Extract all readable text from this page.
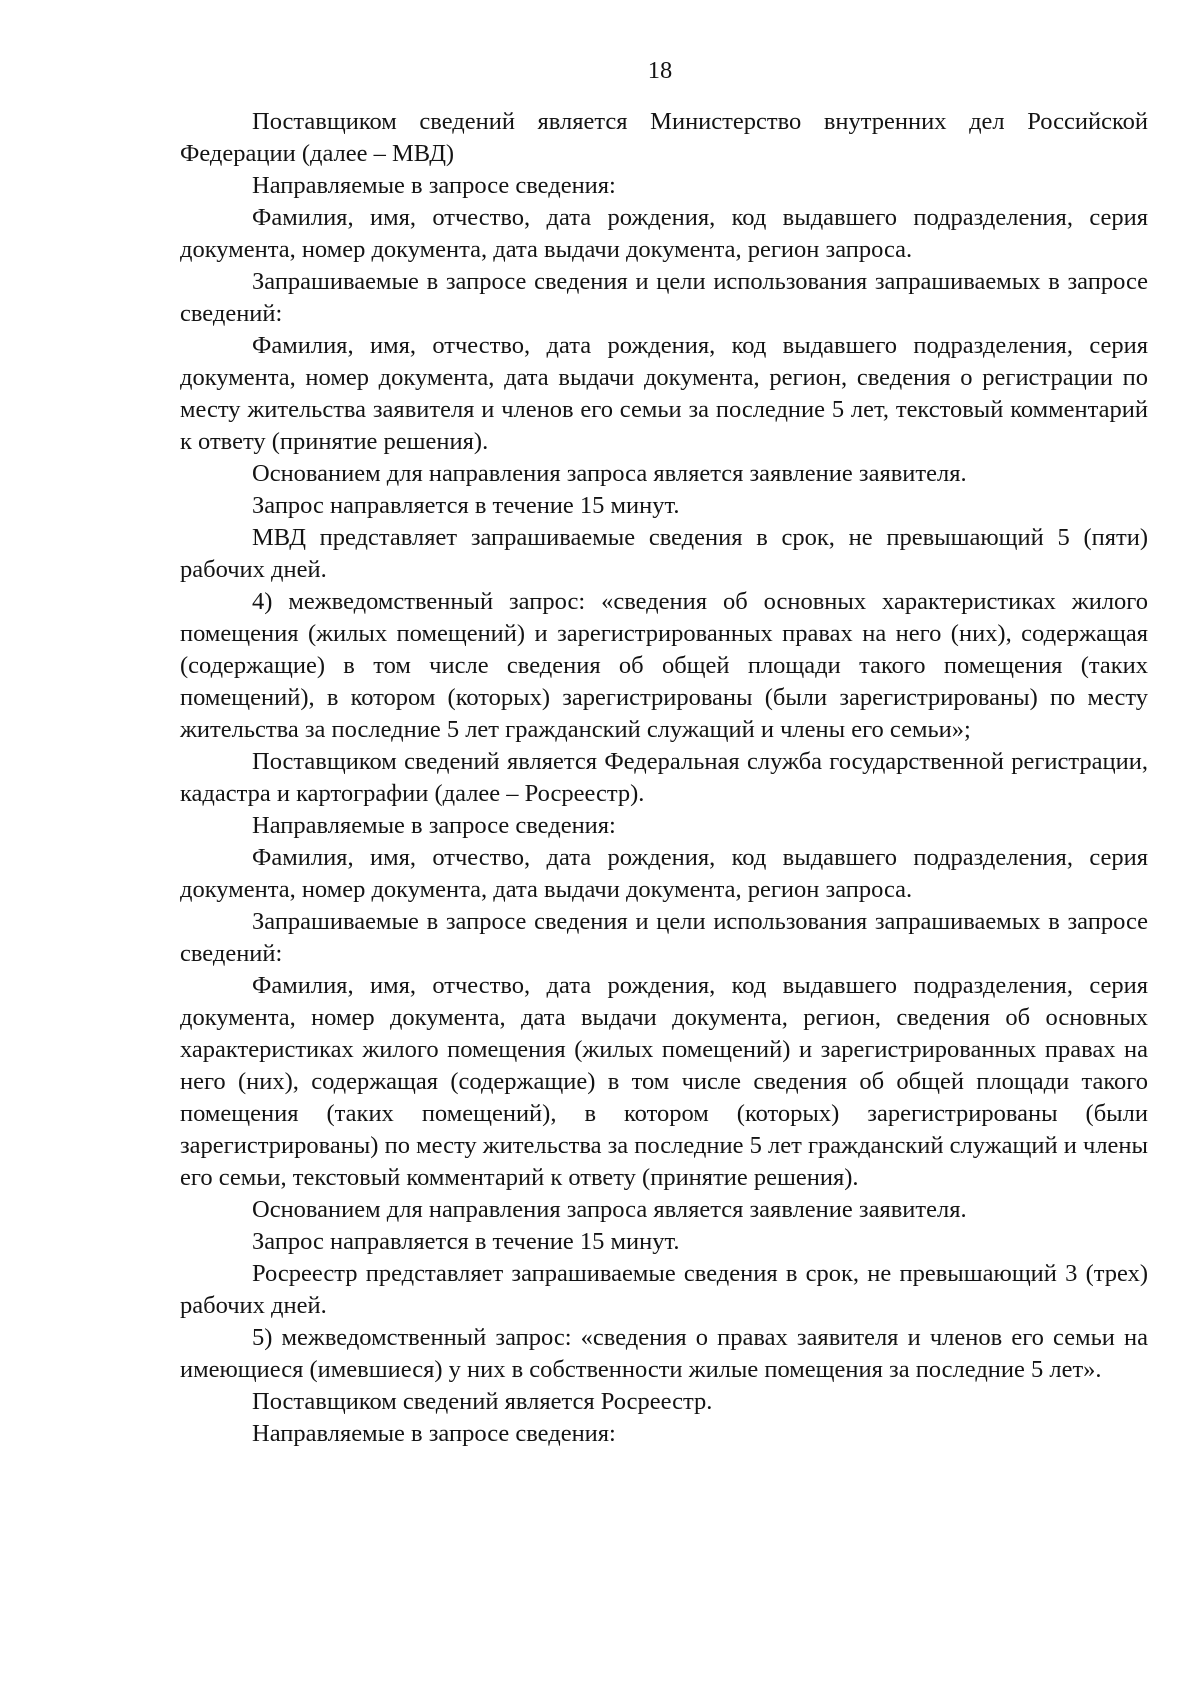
18

Поставщиком сведений является Министерство внутренних дел Российской Федерации (далее – МВД)

Направляемые в запросе сведения:

Фамилия, имя, отчество, дата рождения, код выдавшего подразделения, серия документа, номер документа, дата выдачи документа, регион запроса.

Запрашиваемые в запросе сведения и цели использования запрашиваемых в запросе сведений:

Фамилия, имя, отчество, дата рождения, код выдавшего подразделения, серия документа, номер документа, дата выдачи документа, регион, сведения о регистрации по месту жительства заявителя и членов его семьи за последние 5 лет, текстовый комментарий к ответу (принятие решения).

Основанием для направления запроса является заявление заявителя.

Запрос направляется в течение 15 минут.

МВД представляет запрашиваемые сведения в срок, не превышающий 5 (пяти) рабочих дней.

4) межведомственный запрос: «сведения об основных характеристиках жилого помещения (жилых помещений) и зарегистрированных правах на него (них), содержащая (содержащие) в том числе сведения об общей площади такого помещения (таких помещений), в котором (которых) зарегистрированы (были зарегистрированы) по месту жительства за последние 5 лет гражданский служащий и члены его семьи»;

Поставщиком сведений является Федеральная служба государственной регистрации, кадастра и картографии (далее – Росреестр).

Направляемые в запросе сведения:

Фамилия, имя, отчество, дата рождения, код выдавшего подразделения, серия документа, номер документа, дата выдачи документа, регион запроса.

Запрашиваемые в запросе сведения и цели использования запрашиваемых в запросе сведений:

Фамилия, имя, отчество, дата рождения, код выдавшего подразделения, серия документа, номер документа, дата выдачи документа, регион, сведения об основных характеристиках жилого помещения (жилых помещений) и зарегистрированных правах на него (них), содержащая (содержащие) в том числе сведения об общей площади такого помещения (таких помещений), в котором (которых) зарегистрированы (были зарегистрированы) по месту жительства за последние 5 лет гражданский служащий и члены его семьи, текстовый комментарий к ответу (принятие решения).

Основанием для направления запроса является заявление заявителя.

Запрос направляется в течение 15 минут.

Росреестр представляет запрашиваемые сведения в срок, не превышающий 3 (трех) рабочих дней.

5) межведомственный запрос: «сведения о правах заявителя и членов его семьи на имеющиеся (имевшиеся) у них в собственности жилые помещения за последние 5 лет».

Поставщиком сведений является Росреестр.

Направляемые в запросе сведения:
